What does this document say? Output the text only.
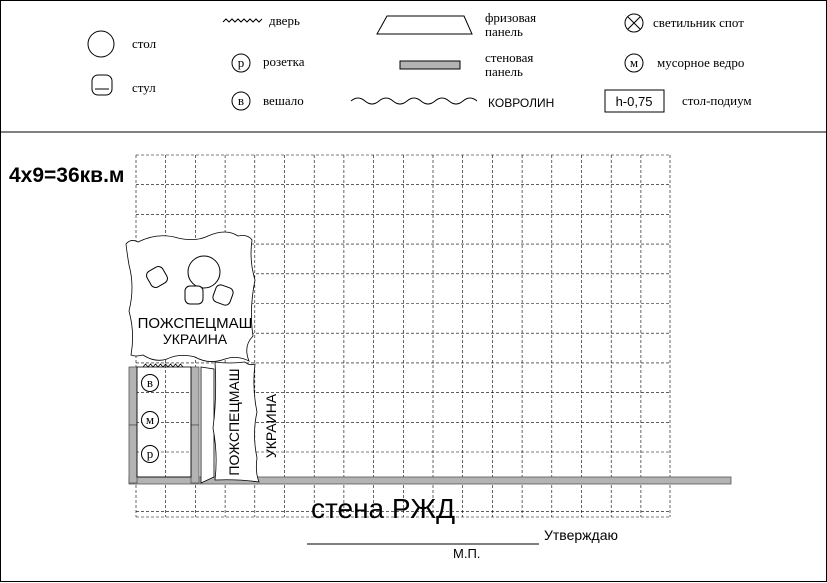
стол
стул
дверь
р розетка
в вешало
фризовая
панель
стеновая
панель
КОВРОЛИН
светильник спот
м мусорное ведро
h-0,75 стол-подиум
4x9=36кв.м
в
м
р
ПОЖСПЕЦМАШ
УКРАИНА
ПОЖСПЕЦМАШ УКРАИНА
стена РЖД
Утверждаю
М.П.
